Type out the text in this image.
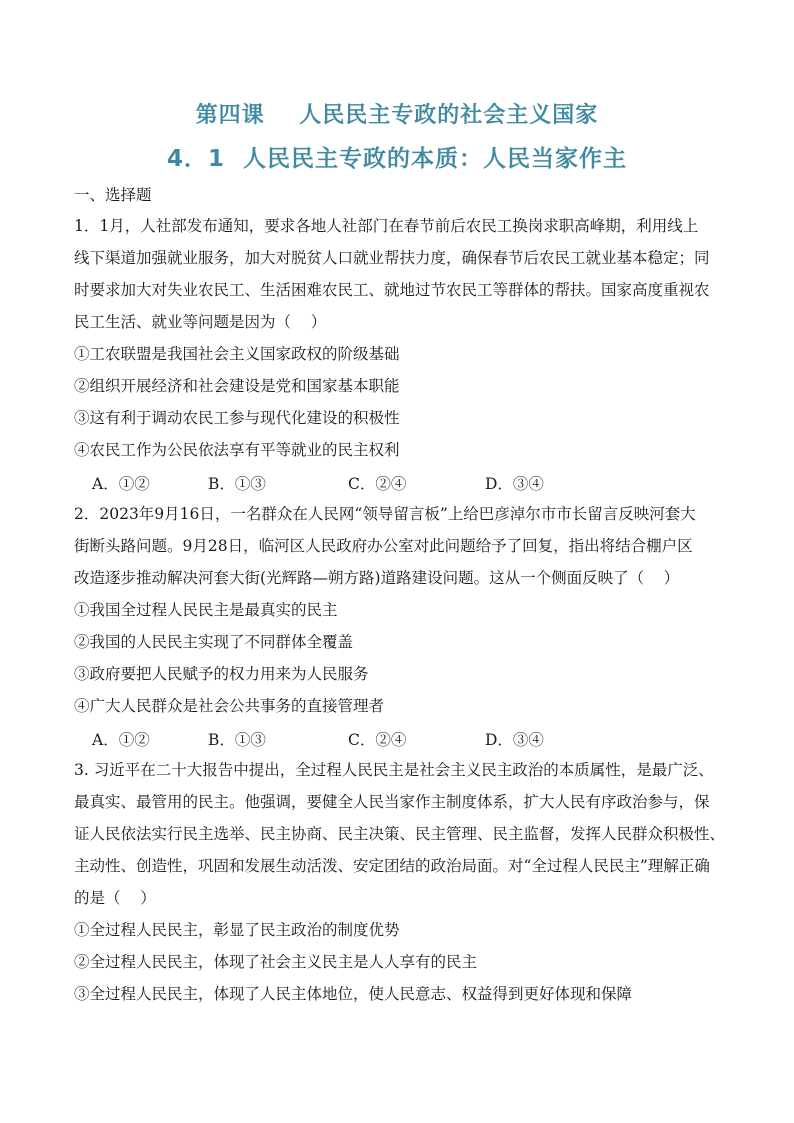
第四课    人民民主专政的社会主义国家
4．1  人民民主专政的本质：人民当家作主
一、选择题
1．1月，人社部发布通知，要求各地人社部门在春节前后农民工换岗求职高峰期，利用线上
线下渠道加强就业服务，加大对脱贫人口就业帮扶力度，确保春节后农民工就业基本稳定；同
时要求加大对失业农民工、生活困难农民工、就地过节农民工等群体的帮扶。国家高度重视农
民工生活、就业等问题是因为（    ）
①工农联盟是我国社会主义国家政权的阶级基础
②组织开展经济和社会建设是党和国家基本职能
③这有利于调动农民工参与现代化建设的积极性
④农民工作为公民依法享有平等就业的民主权利
A．①②	B．①③	C．②④	D．③④
2．2023年9月16日，一名群众在人民网“领导留言板”上给巴彦淖尔市市长留言反映河套大
街断头路问题。9月28日，临河区人民政府办公室对此问题给予了回复，指出将结合棚户区
改造逐步推动解决河套大街(光辉路—朔方路)道路建设问题。这从一个侧面反映了（    ）
①我国全过程人民民主是最真实的民主
②我国的人民民主实现了不同群体全覆盖
③政府要把人民赋予的权力用来为人民服务
④广大人民群众是社会公共事务的直接管理者
A．①②	B．①③	C．②④	D．③④
3. 习近平在二十大报告中提出，全过程人民民主是社会主义民主政治的本质属性，是最广泛、
最真实、最管用的民主。他强调，要健全人民当家作主制度体系，扩大人民有序政治参与，保
证人民依法实行民主选举、民主协商、民主决策、民主管理、民主监督，发挥人民群众积极性、
主动性、创造性，巩固和发展生动活泼、安定团结的政治局面。对“全过程人民民主”理解正确
的是（    ）
①全过程人民民主，彰显了民主政治的制度优势
②全过程人民民主，体现了社会主义民主是人人享有的民主
③全过程人民民主，体现了人民主体地位，使人民意志、权益得到更好体现和保障
